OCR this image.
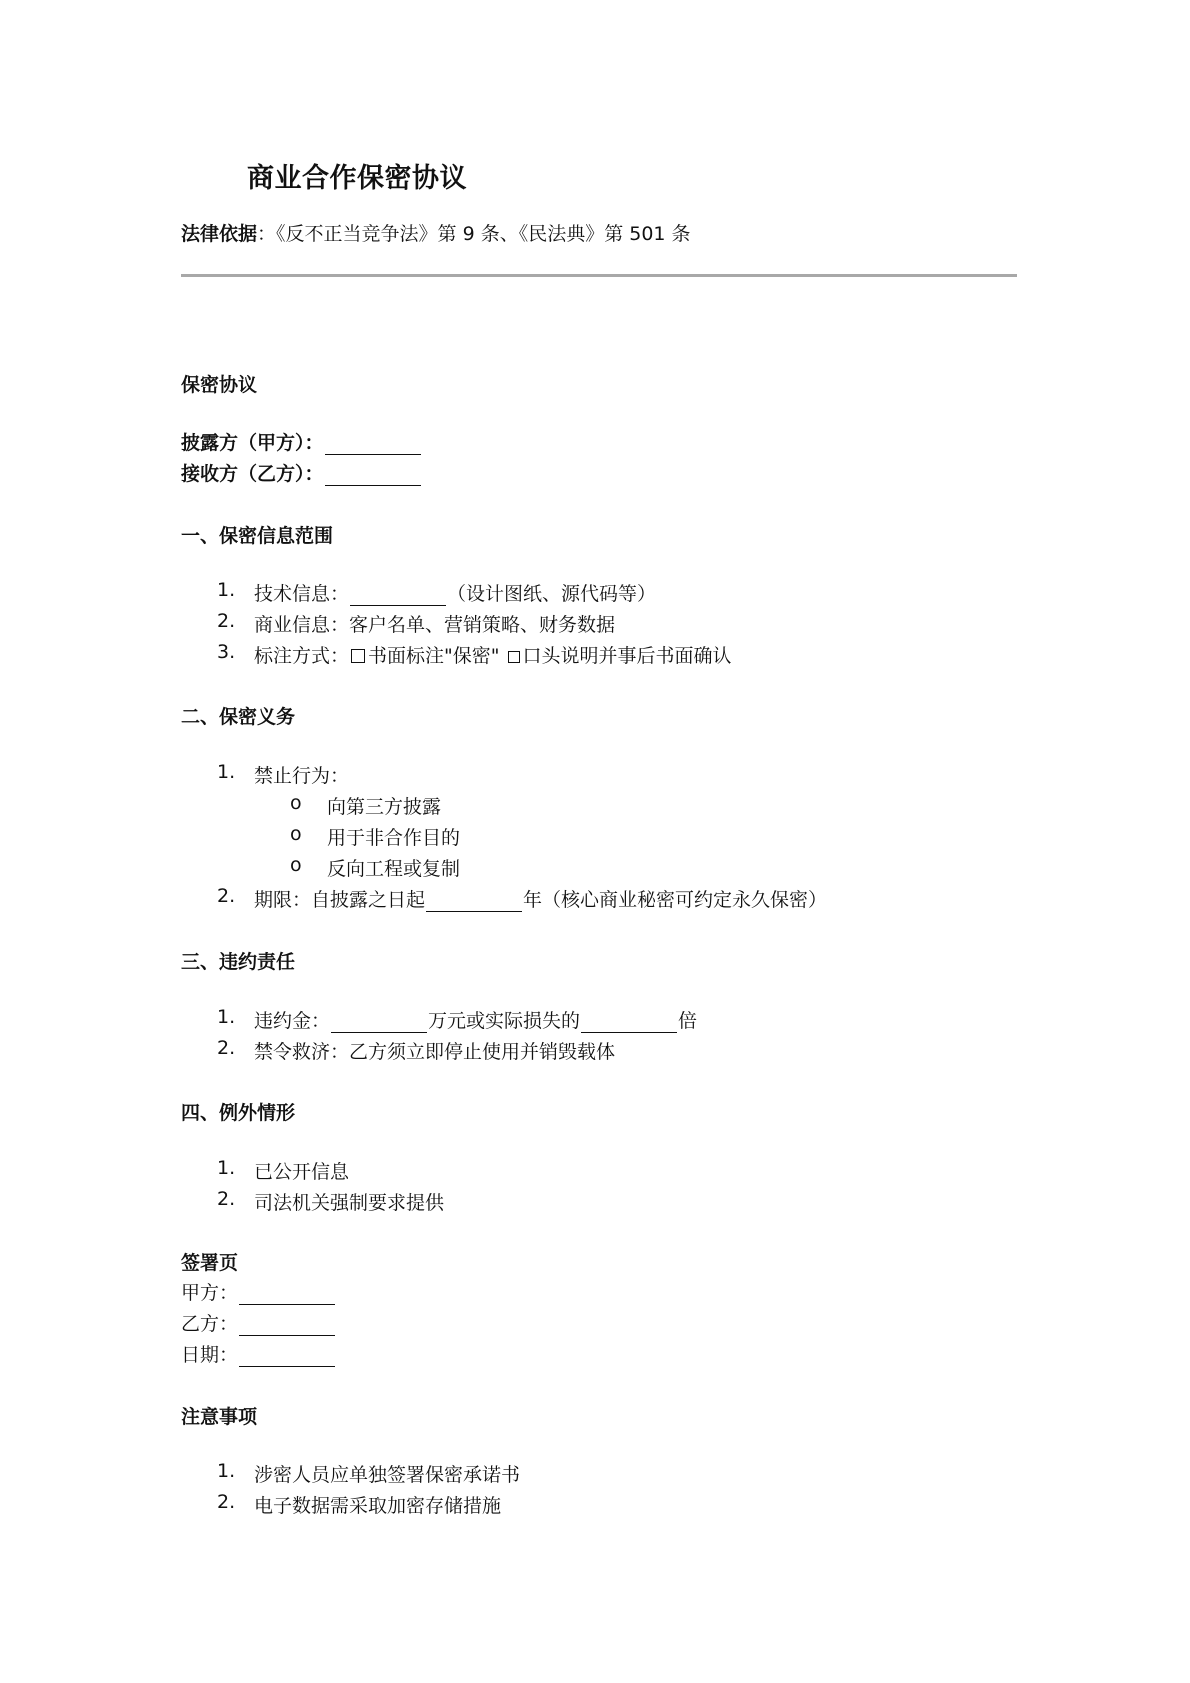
商业合作保密协议
法律依据：《反不正当竞争法》第 9 条、《民法典》第 501 条
保密协议
披露方（甲方）：
接收方（乙方）：
一、保密信息范围
1. 技术信息：	（设计图纸、源代码等）
2. 商业信息：客户名单、营销策略、财务数据
3. 标注方式： 书面标注"保密" 口头说明并事后书面确认
二、保密义务
1. 禁止行为：
o 向第三方披露
o 用于非合作目的
o 反向工程或复制
2. 期限：自披露之日起	年（核心商业秘密可约定永久保密）
三、违约责任
1. 违约金：	万元或实际损失的	倍
2. 禁令救济：乙方须立即停止使用并销毁载体
四、例外情形
1. 已公开信息
2. 司法机关强制要求提供
签署页
甲方：
乙方：
日期：
注意事项
1. 涉密人员应单独签署保密承诺书
2. 电子数据需采取加密存储措施
